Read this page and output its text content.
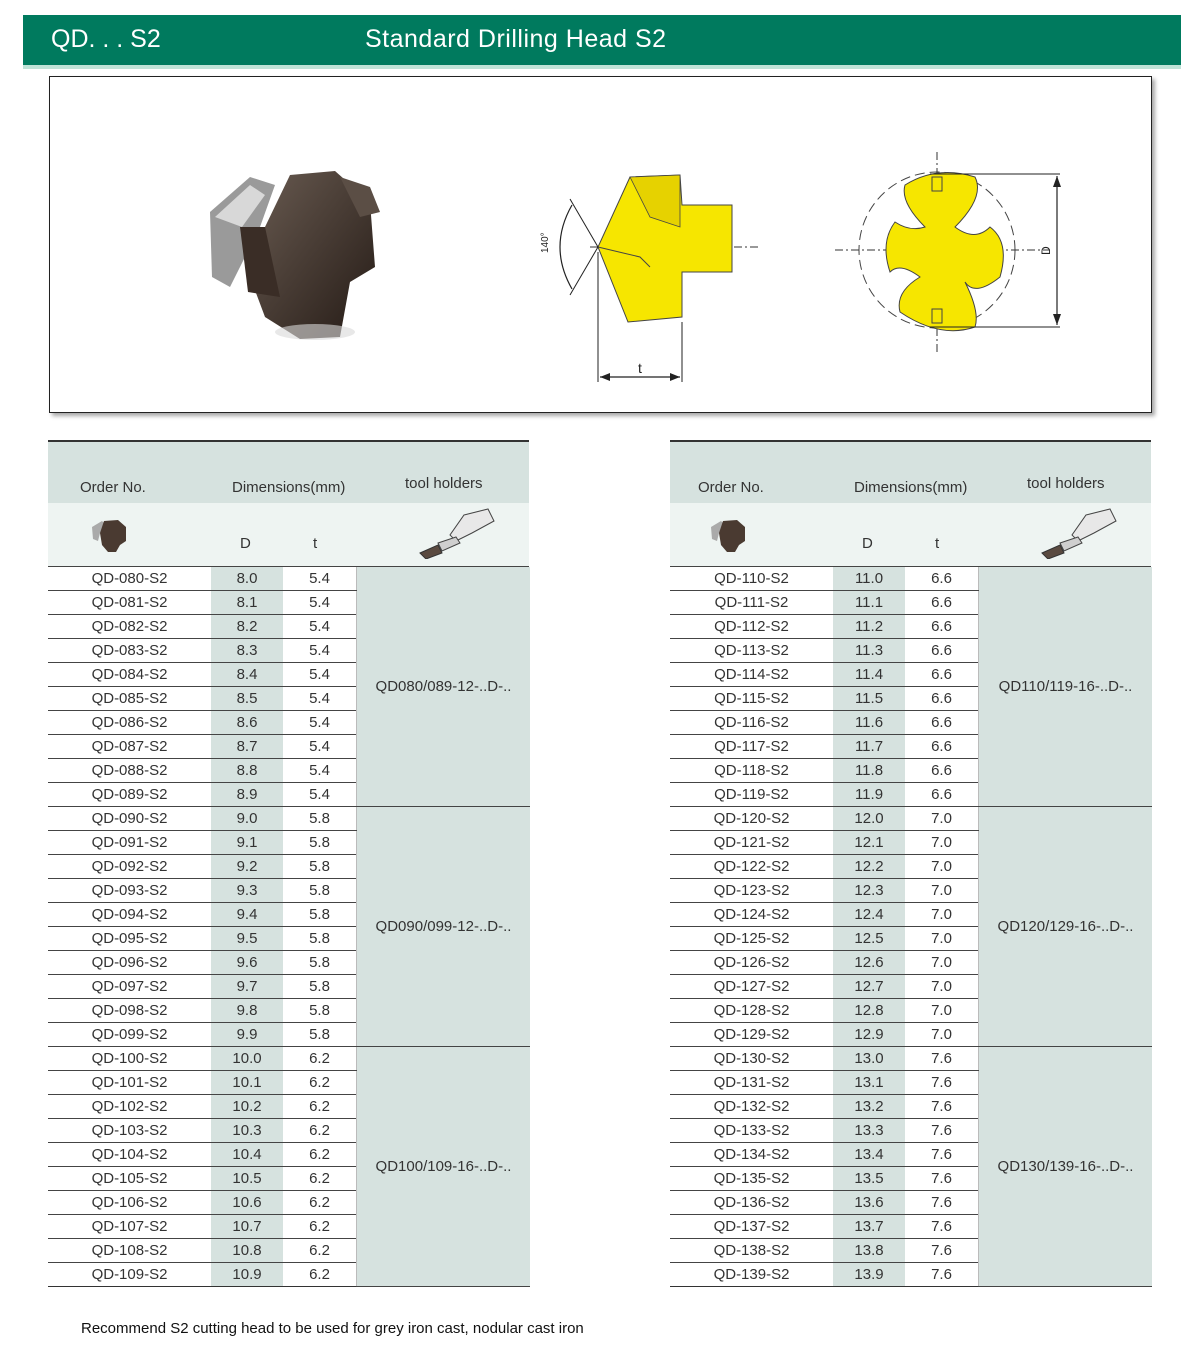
QD. . . S2	Standard Drilling Head S2
140°
t
D
Order No.	Dimensions(mm)	tool holders
D	t
QD-080-S2	8.0	5.4	QD080/089-12-..D-..
QD-081-S2	8.1	5.4	
QD-082-S2	8.2	5.4	
QD-083-S2	8.3	5.4	
QD-084-S2	8.4	5.4	
QD-085-S2	8.5	5.4	
QD-086-S2	8.6	5.4	
QD-087-S2	8.7	5.4	
QD-088-S2	8.8	5.4	
QD-089-S2	8.9	5.4	
QD-090-S2	9.0	5.8	QD090/099-12-..D-..
QD-091-S2	9.1	5.8	
QD-092-S2	9.2	5.8	
QD-093-S2	9.3	5.8	
QD-094-S2	9.4	5.8	
QD-095-S2	9.5	5.8	
QD-096-S2	9.6	5.8	
QD-097-S2	9.7	5.8	
QD-098-S2	9.8	5.8	
QD-099-S2	9.9	5.8	
QD-100-S2	10.0	6.2	QD100/109-16-..D-..
QD-101-S2	10.1	6.2	
QD-102-S2	10.2	6.2	
QD-103-S2	10.3	6.2	
QD-104-S2	10.4	6.2	
QD-105-S2	10.5	6.2	
QD-106-S2	10.6	6.2	
QD-107-S2	10.7	6.2	
QD-108-S2	10.8	6.2	
QD-109-S2	10.9	6.2	
Order No.	Dimensions(mm)	tool holders
D	t
QD-110-S2	11.0	6.6	QD110/119-16-..D-..
QD-111-S2	11.1	6.6	
QD-112-S2	11.2	6.6	
QD-113-S2	11.3	6.6	
QD-114-S2	11.4	6.6	
QD-115-S2	11.5	6.6	
QD-116-S2	11.6	6.6	
QD-117-S2	11.7	6.6	
QD-118-S2	11.8	6.6	
QD-119-S2	11.9	6.6	
QD-120-S2	12.0	7.0	QD120/129-16-..D-..
QD-121-S2	12.1	7.0	
QD-122-S2	12.2	7.0	
QD-123-S2	12.3	7.0	
QD-124-S2	12.4	7.0	
QD-125-S2	12.5	7.0	
QD-126-S2	12.6	7.0	
QD-127-S2	12.7	7.0	
QD-128-S2	12.8	7.0	
QD-129-S2	12.9	7.0	
QD-130-S2	13.0	7.6	QD130/139-16-..D-..
QD-131-S2	13.1	7.6	
QD-132-S2	13.2	7.6	
QD-133-S2	13.3	7.6	
QD-134-S2	13.4	7.6	
QD-135-S2	13.5	7.6	
QD-136-S2	13.6	7.6	
QD-137-S2	13.7	7.6	
QD-138-S2	13.8	7.6	
QD-139-S2	13.9	7.6	
Recommend S2 cutting head to be used for grey iron cast, nodular cast iron
